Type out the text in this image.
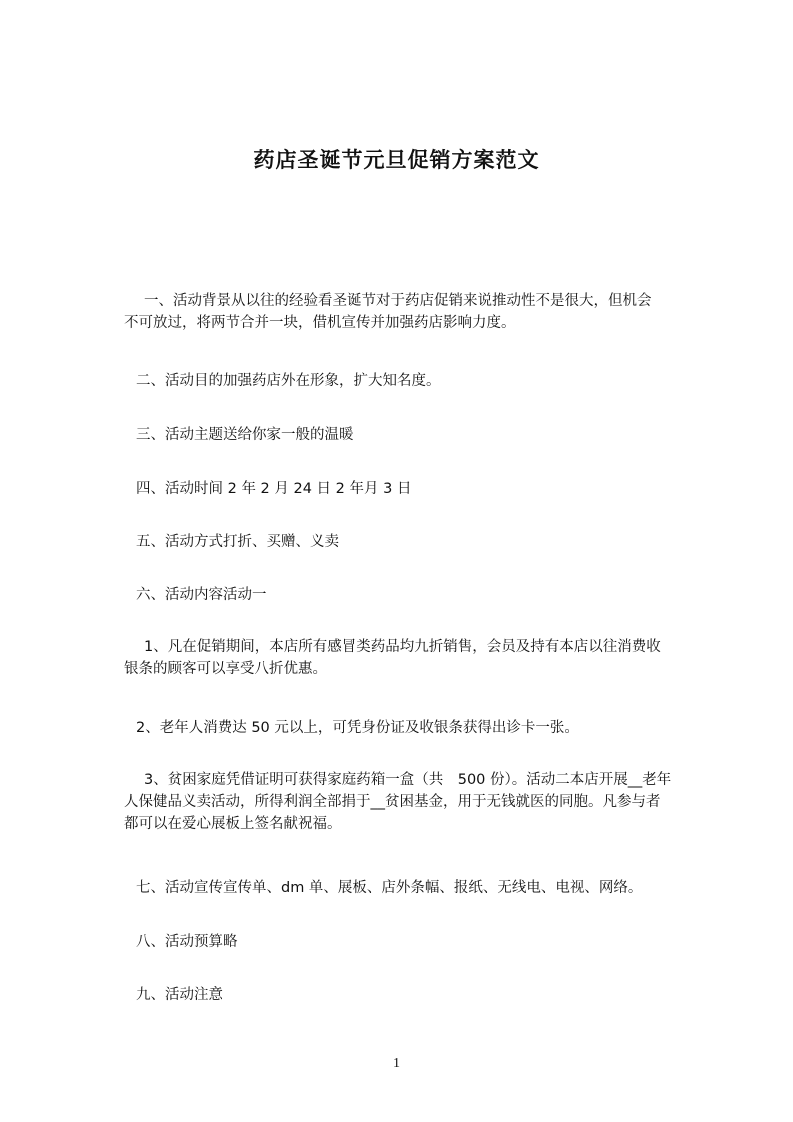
药店圣诞节元旦促销方案范文
一、活动背景从以往的经验看圣诞节对于药店促销来说推动性不是很大，但机会
不可放过，将两节合并一块，借机宣传并加强药店影响力度。
二、活动目的加强药店外在形象，扩大知名度。
三、活动主题送给你家一般的温暖
四、活动时间 2 年 2 月 24 日 2 年月 3 日
五、活动方式打折、买赠、义卖
六、活动内容活动一
1、凡在促销期间，本店所有感冒类药品均九折销售，会员及持有本店以往消费收
银条的顾客可以享受八折优惠。
2、老年人消费达 50 元以上，可凭身份证及收银条获得出诊卡一张。
3、贫困家庭凭借证明可获得家庭药箱一盒（共　500 份）。活动二本店开展__老年
人保健品义卖活动，所得利润全部捐于__贫困基金，用于无钱就医的同胞。凡参与者
都可以在爱心展板上签名献祝福。
七、活动宣传宣传单、dm 单、展板、店外条幅、报纸、无线电、电视、网络。
八、活动预算略
九、活动注意
1
